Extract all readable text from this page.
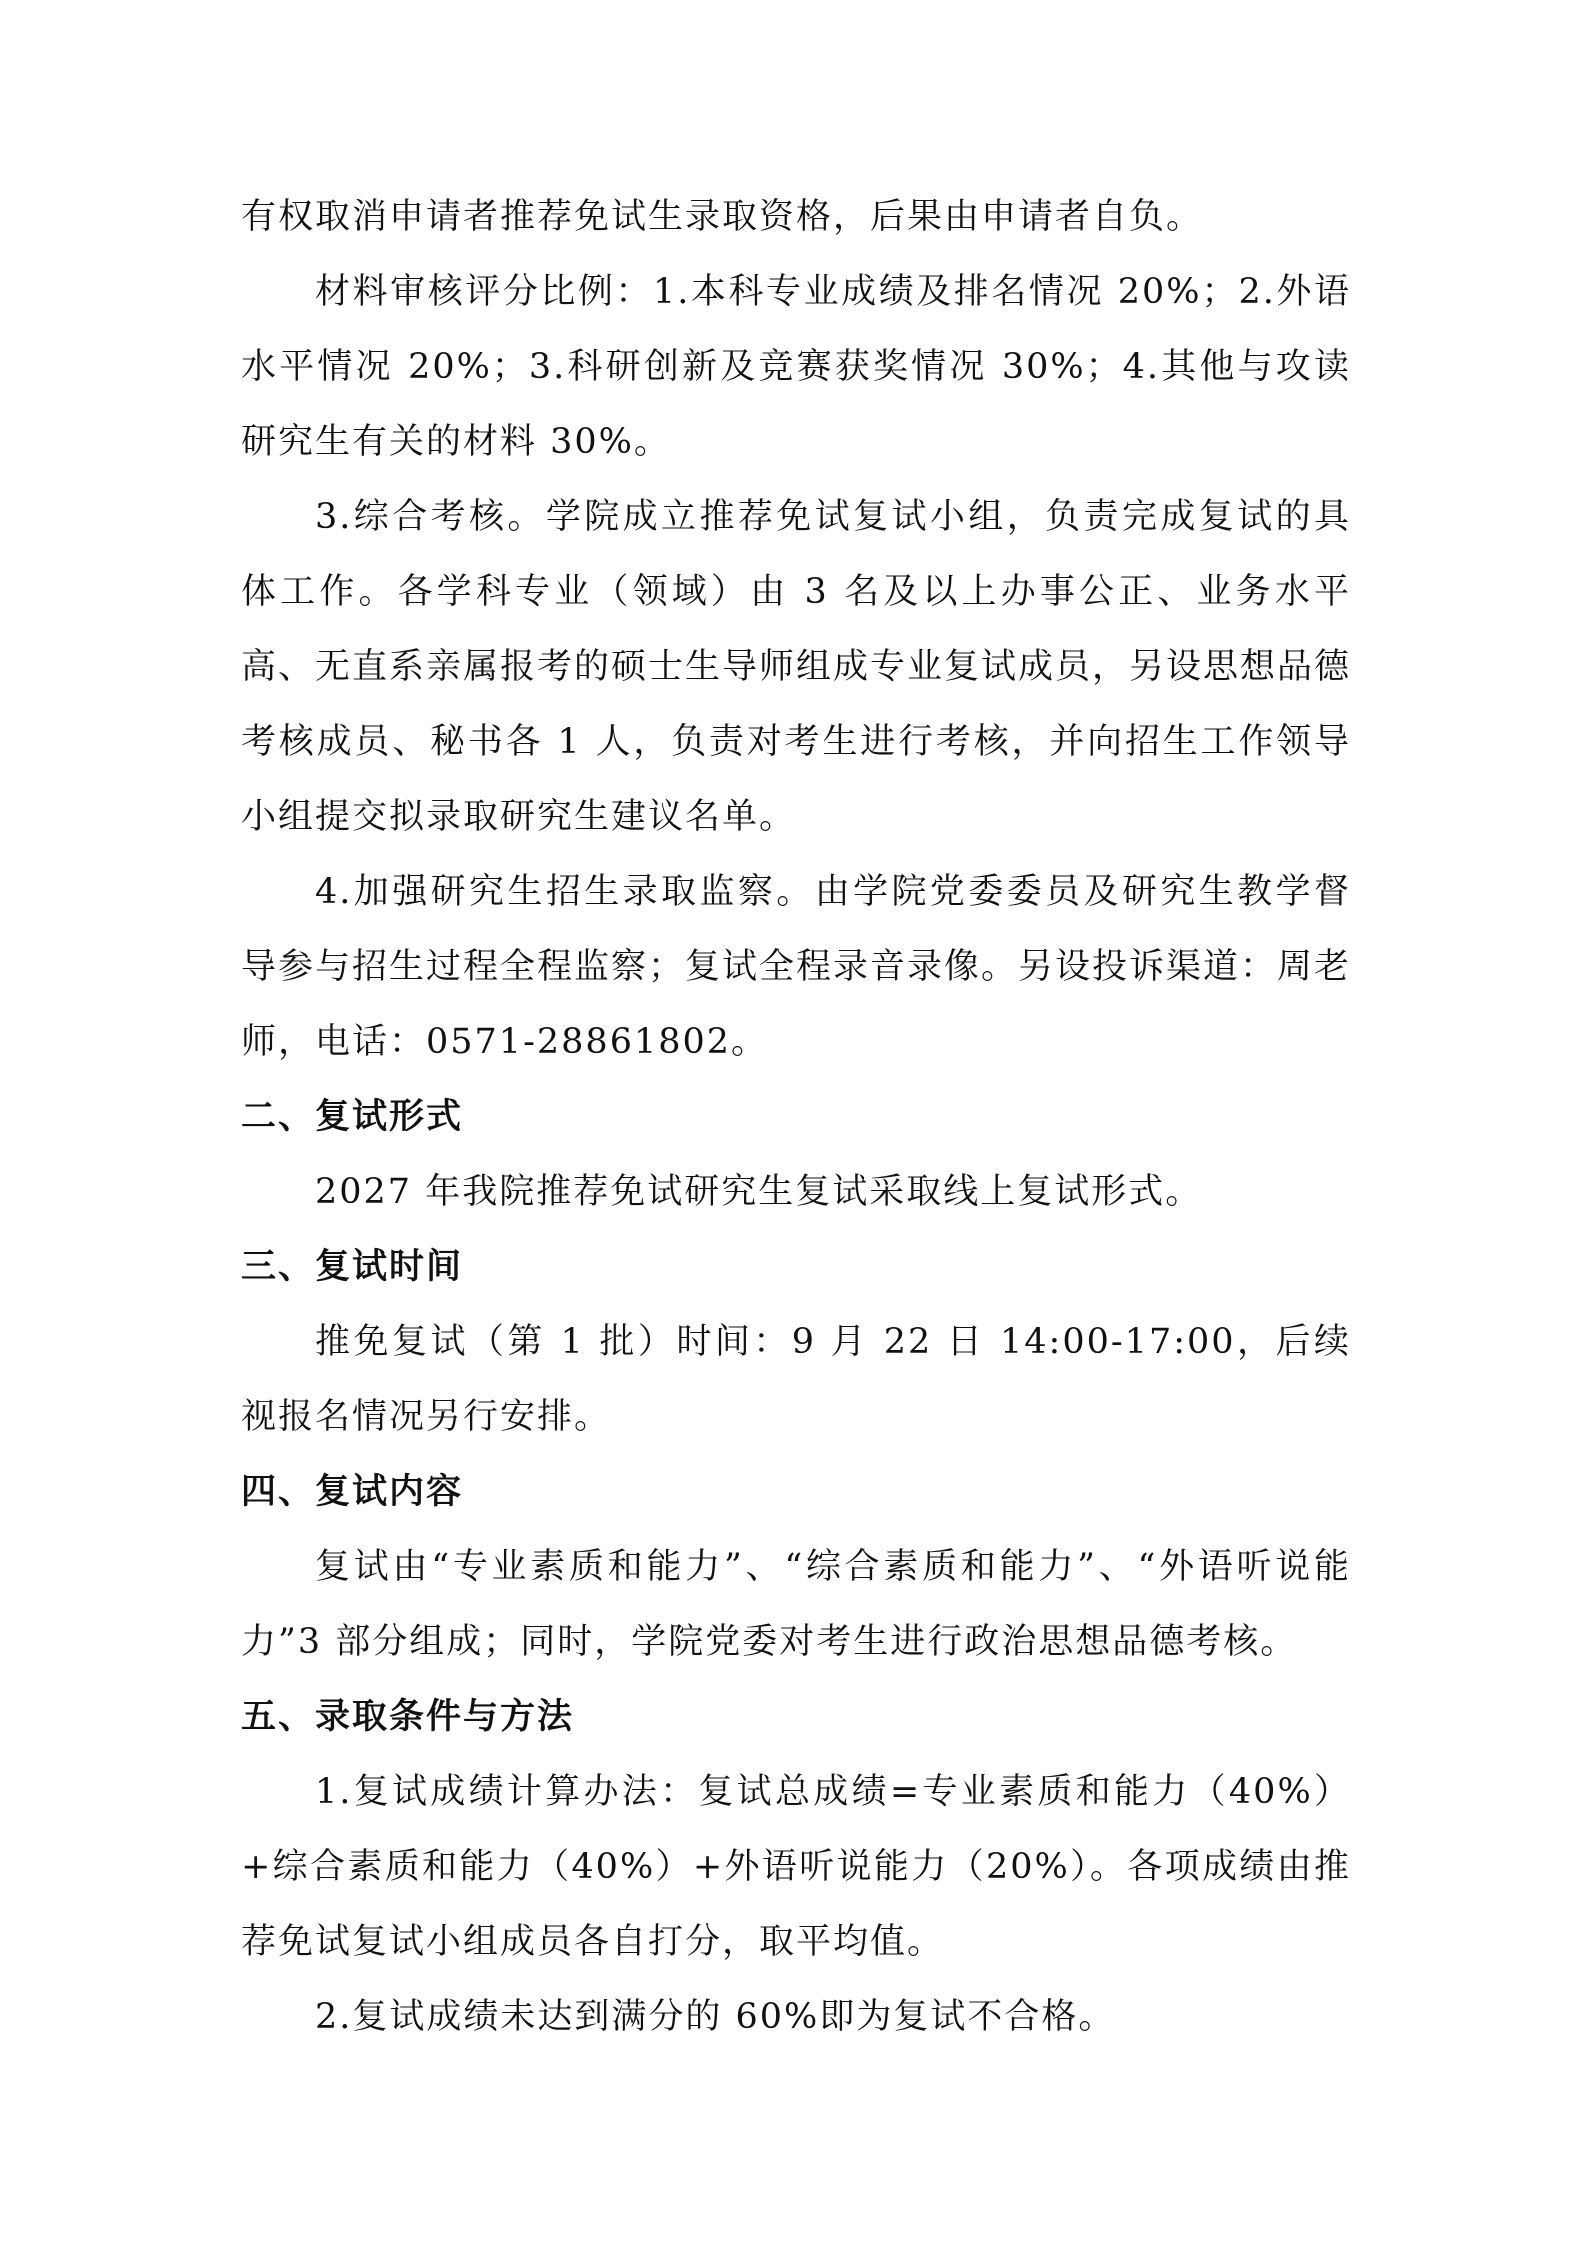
有权取消申请者推荐免试生录取资格，后果由申请者自负。

材料审核评分比例：1.本科专业成绩及排名情况 20%；2.外语水平情况 20%；3.科研创新及竞赛获奖情况 30%；4.其他与攻读研究生有关的材料 30%。

3.综合考核。学院成立推荐免试复试小组，负责完成复试的具体工作。各学科专业（领域）由 3 名及以上办事公正、业务水平高、无直系亲属报考的硕士生导师组成专业复试成员，另设思想品德考核成员、秘书各 1 人，负责对考生进行考核，并向招生工作领导小组提交拟录取研究生建议名单。

4.加强研究生招生录取监察。由学院党委委员及研究生教学督导参与招生过程全程监察；复试全程录音录像。另设投诉渠道：周老师，电话：0571-28861802。

二、复试形式

2027 年我院推荐免试研究生复试采取线上复试形式。

三、复试时间

推免复试（第 1 批）时间：9 月 22 日 14:00-17:00，后续视报名情况另行安排。

四、复试内容

复试由“专业素质和能力”、“综合素质和能力”、“外语听说能力”3 部分组成；同时，学院党委对考生进行政治思想品德考核。

五、录取条件与方法

1.复试成绩计算办法：复试总成绩=专业素质和能力（40%）+综合素质和能力（40%）+外语听说能力（20%）。各项成绩由推荐免试复试小组成员各自打分，取平均值。

2.复试成绩未达到满分的 60%即为复试不合格。
